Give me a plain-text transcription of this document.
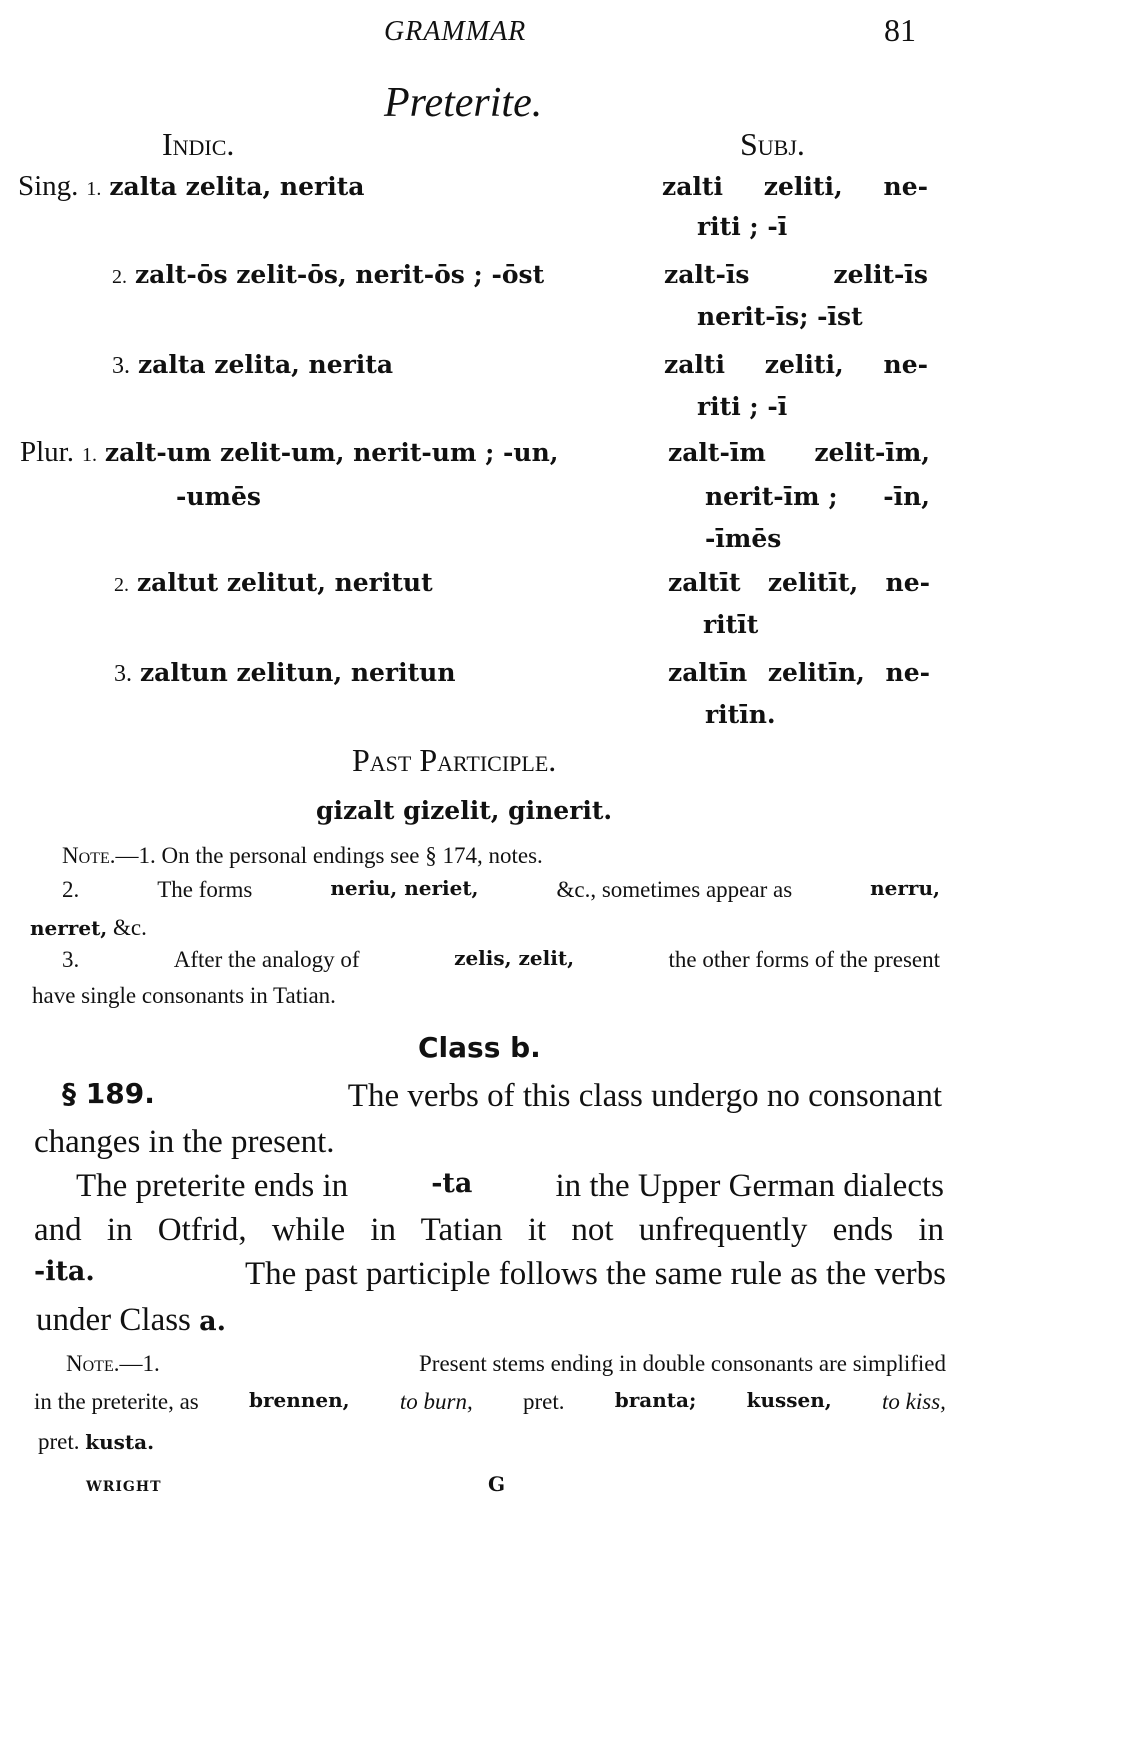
GRAMMAR	81
Preterite.
Indic.	Subj.
Sing. 1. zalta zelita, nerita	zalti zeliti, ne-
riti ; -ī
2. zalt-ōs zelit-ōs, nerit-ōs ; -ōst	zalt-īs	zelit-īs
nerit-īs; -īst
3. zalta zelita, nerita	zalti zeliti, ne-
riti ; -ī
Plur. 1. zalt-um zelit-um, nerit-um ; -un,	zalt-īm zelit-īm,
-umēs	nerit-īm ; -īn,
-īmēs
2. zaltut zelitut, neritut	zaltīt zelitīt, ne-
ritīt
3. zaltun zelitun, neritun	zaltīn zelitīn, ne-
ritīn.
Past Participle.
gizalt gizelit, ginerit.
Note.—1. On the personal endings see § 174, notes.
2.	The forms	neriu, neriet,	&c., sometimes appear as	nerru,
nerret, &c.
3.	After the analogy of	zelis, zelit,	the other forms of the present
have single consonants in Tatian.
Class b.
§ 189.	The verbs of this class undergo no consonant
changes in the present.
The preterite ends in	-ta	in the Upper German dialects
and in Otfrid, while in Tatian it not unfrequently ends in
-ita.	The past participle follows the same rule as the verbs
under Class a.
Note.—1.	Present stems ending in double consonants are simplified
in the preterite, as	brennen, to burn, pret.	branta;	kussen, to kiss,
pret. kusta.
WRIGHT	G
